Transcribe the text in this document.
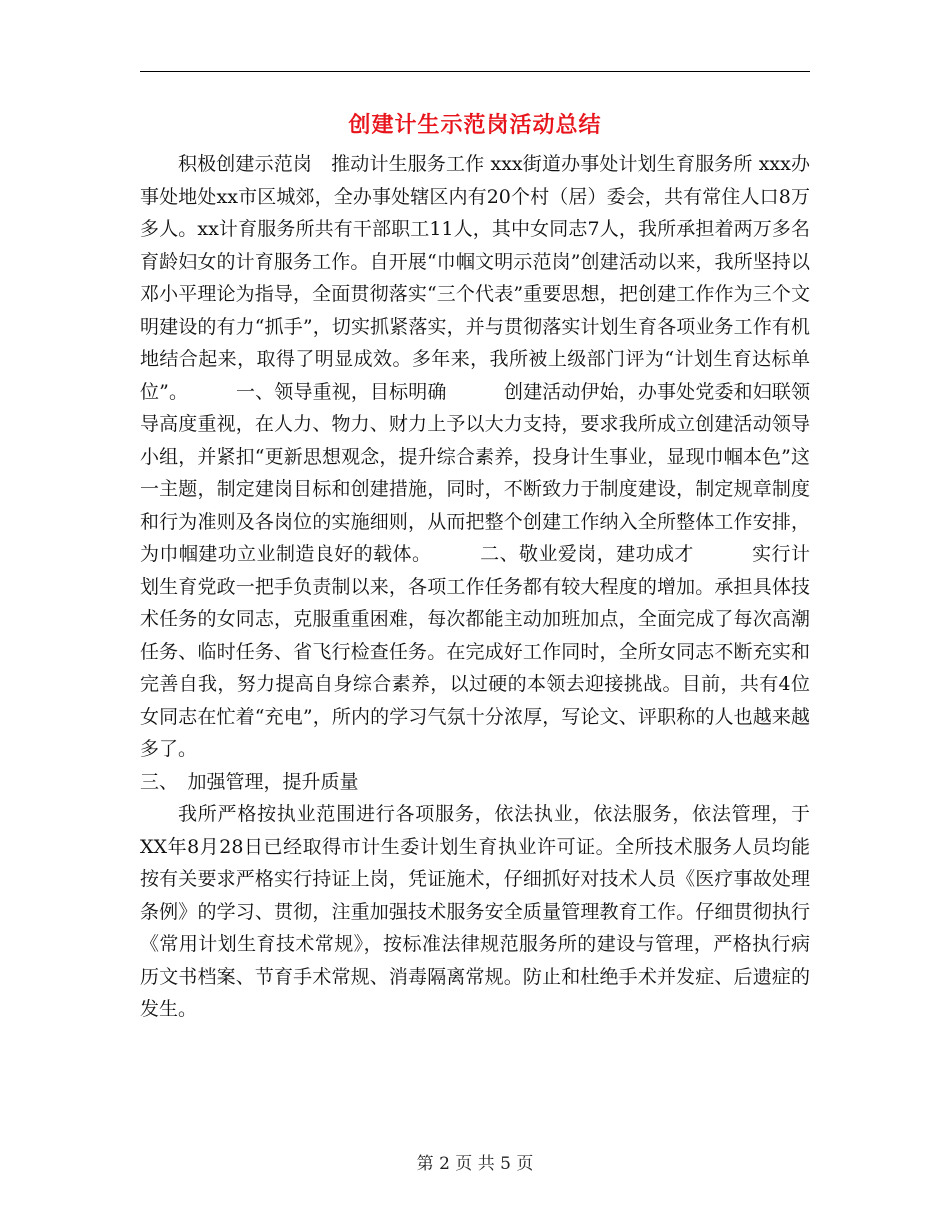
创建计生示范岗活动总结

积极创建示范岗　推动计生服务工作 xxx街道办事处计划生育服务所 xxx办事处地处xx市区城郊，全办事处辖区内有20个村（居）委会，共有常住人口8万多人。xx计育服务所共有干部职工11人，其中女同志7人，我所承担着两万多名育龄妇女的计育服务工作。自开展“巾帼文明示范岗”创建活动以来，我所坚持以邓小平理论为指导，全面贯彻落实“三个代表”重要思想，把创建工作作为三个文明建设的有力“抓手”，切实抓紧落实，并与贯彻落实计划生育各项业务工作有机地结合起来，取得了明显成效。多年来，我所被上级部门评为“计划生育达标单位”。　　　一、领导重视，目标明确　　　创建活动伊始，办事处党委和妇联领导高度重视，在人力、物力、财力上予以大力支持，要求我所成立创建活动领导小组，并紧扣“更新思想观念，提升综合素养，投身计生事业，显现巾帼本色”这一主题，制定建岗目标和创建措施，同时，不断致力于制度建设，制定规章制度和行为准则及各岗位的实施细则，从而把整个创建工作纳入全所整体工作安排，为巾帼建功立业制造良好的载体。　　　二、敬业爱岗，建功成才　　　实行计划生育党政一把手负责制以来，各项工作任务都有较大程度的增加。承担具体技术任务的女同志，克服重重困难，每次都能主动加班加点，全面完成了每次高潮任务、临时任务、省飞行检查任务。在完成好工作同时，全所女同志不断充实和完善自我，努力提高自身综合素养，以过硬的本领去迎接挑战。目前，共有4位女同志在忙着“充电”，所内的学习气氛十分浓厚，写论文、评职称的人也越来越多了。

三、　加强管理，提升质量

我所严格按执业范围进行各项服务，依法执业，依法服务，依法管理，于XX年8月28日已经取得市计生委计划生育执业许可证。全所技术服务人员均能按有关要求严格实行持证上岗，凭证施术，仔细抓好对技术人员《医疗事故处理条例》的学习、贯彻，注重加强技术服务安全质量管理教育工作。仔细贯彻执行《常用计划生育技术常规》，按标准法律规范服务所的建设与管理，严格执行病历文书档案、节育手术常规、消毒隔离常规。防止和杜绝手术并发症、后遗症的发生。

第 2 页 共 5 页
